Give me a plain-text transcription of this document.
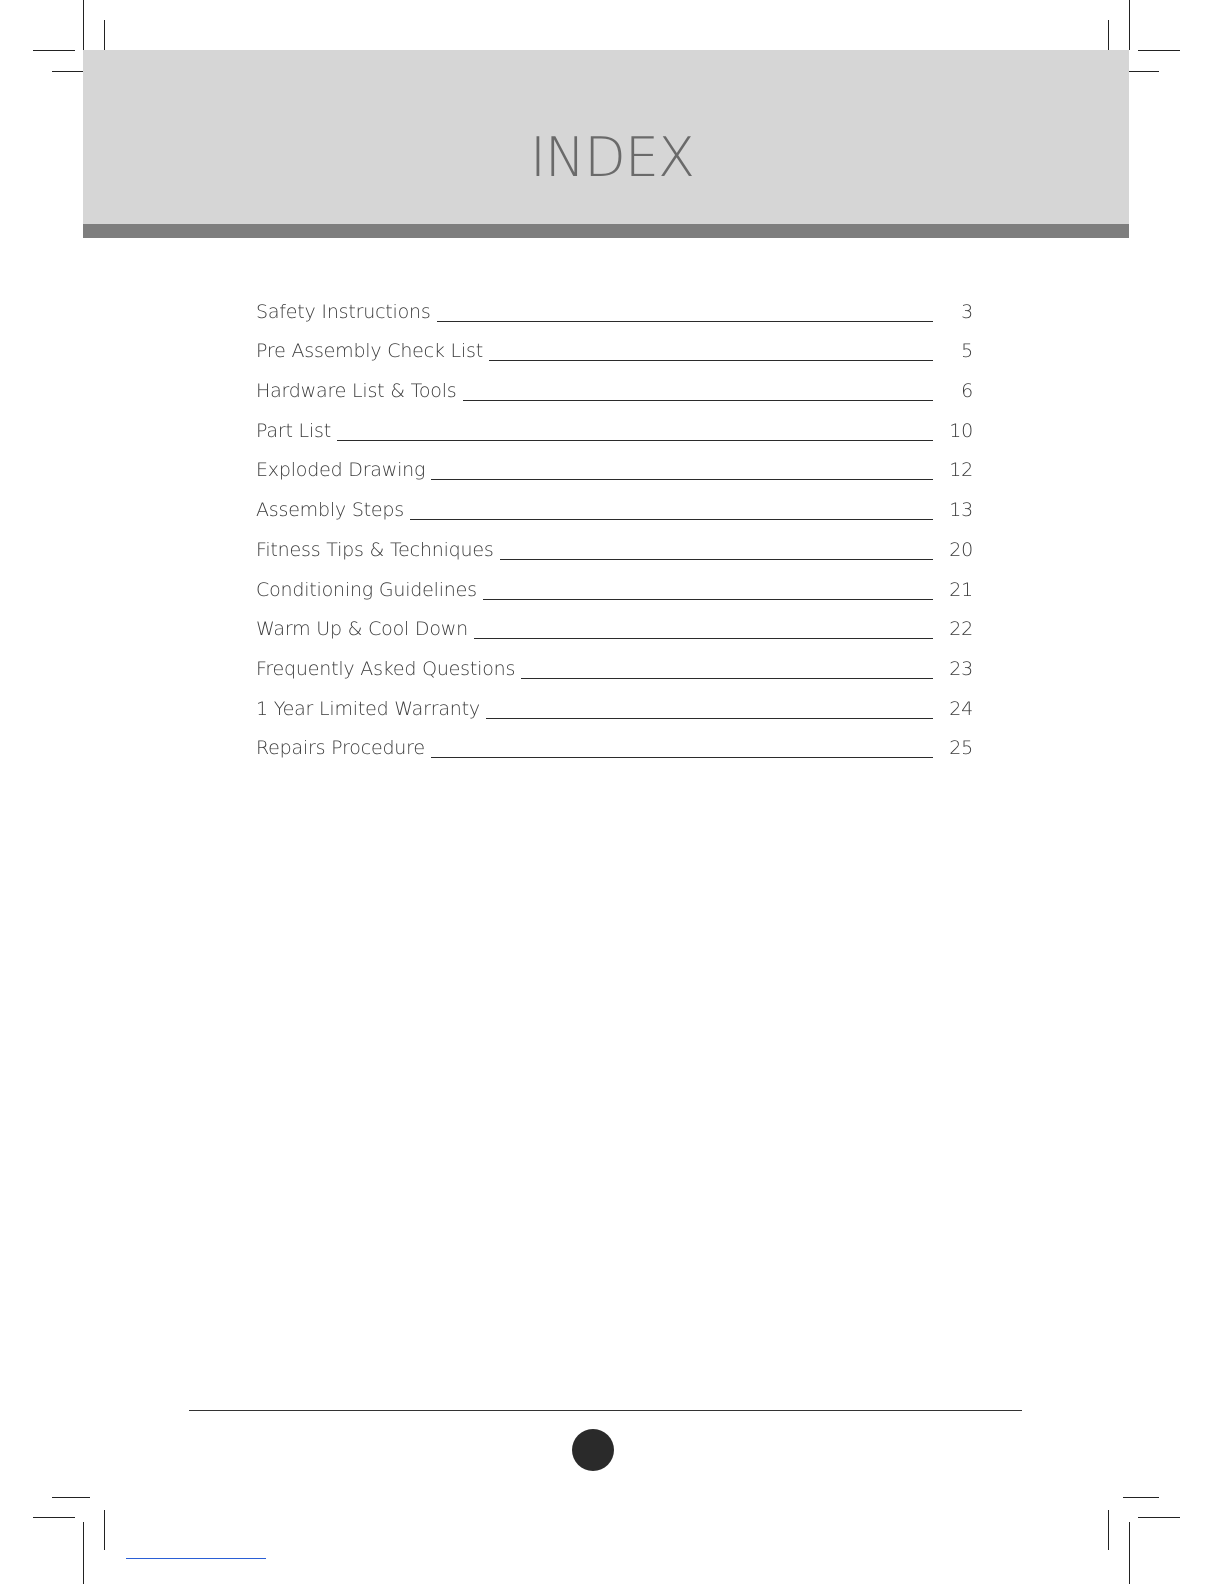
INDEX
Safety Instructions	3
Pre Assembly Check List	5
Hardware List & Tools	6
Part List	10
Exploded Drawing	12
Assembly Steps	13
Fitness Tips & Techniques	20
Conditioning Guidelines	21
Warm Up & Cool Down	22
Frequently Asked Questions	23
1 Year Limited Warranty	24
Repairs Procedure	25
